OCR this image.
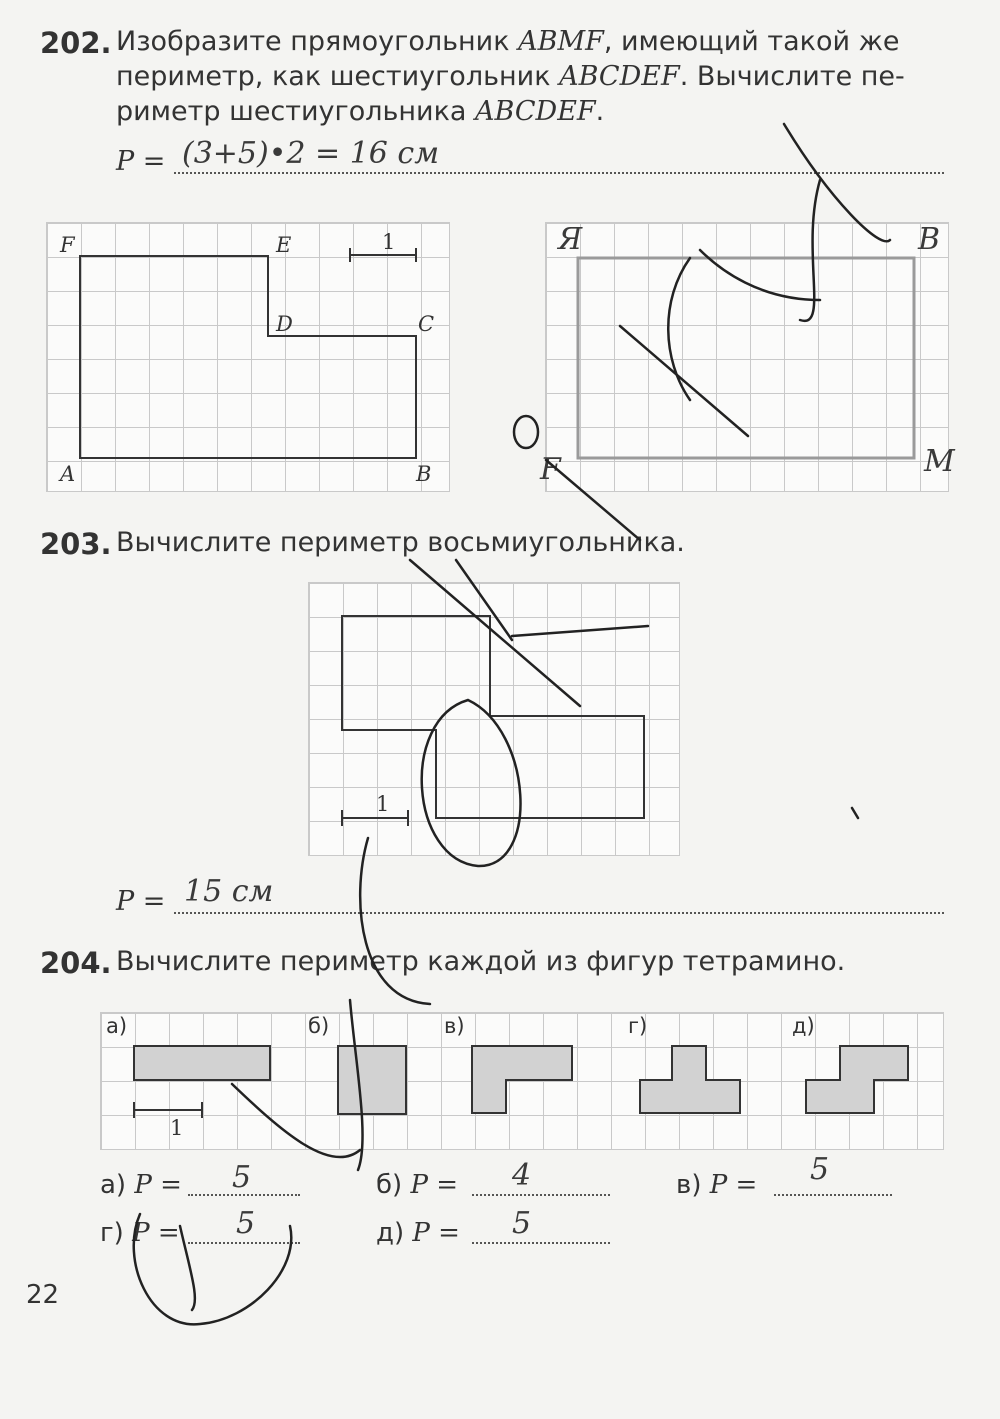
202. Изобразите прямоугольник ABMF, имеющий такой же
периметр, как шестиугольник ABCDEF. Вычислите пе-
риметр шестиугольника ABCDEF.
P = (3+5)•2 = 16 см
F	E
D	C
A	B
1	Я	B
M
F
203. Вычислите периметр восьмиугольника.
1
P = 15 см
204. Вычислите периметр каждой из фигур тетрамино.
а)	б)	в)	г)	д)
1
а) P = 5	б) P = 4	в) P = 5
г) P = 5	д) P = 5
22
